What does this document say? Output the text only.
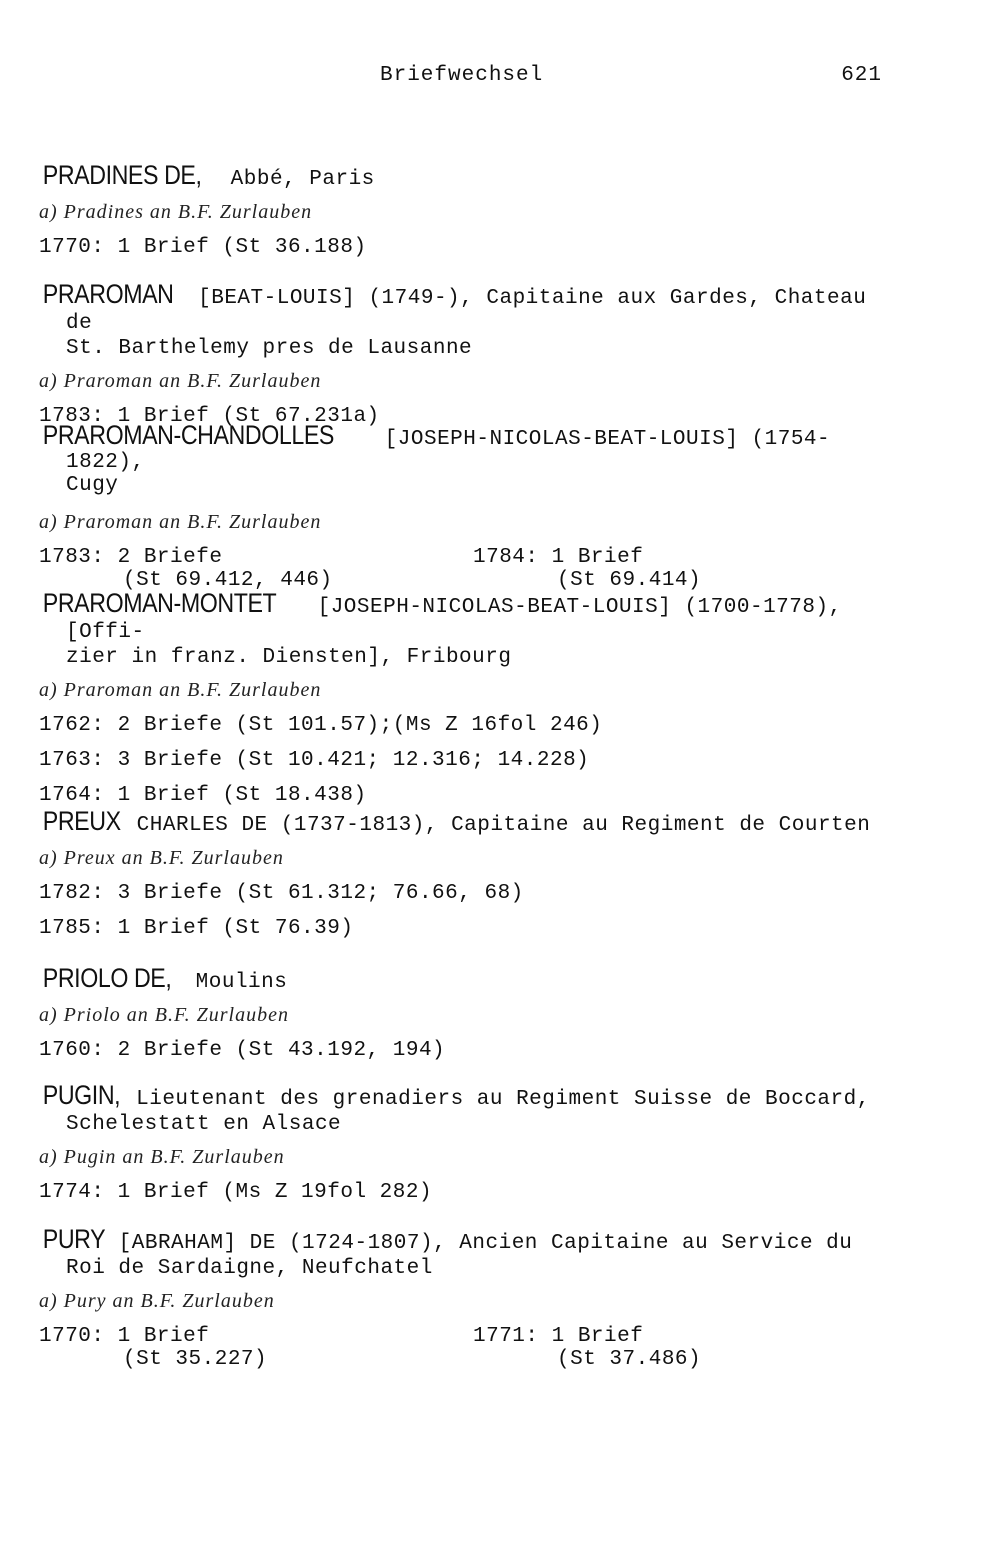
Briefwechsel	621

PRADINES DE, Abbé, Paris

a) Pradines an B.F. Zurlauben
1770: 1 Brief (St 36.188)

PRAROMAN [BEAT-LOUIS] (1749-), Capitaine aux Gardes, Chateau de
St. Barthelemy pres de Lausanne

a) Praroman an B.F. Zurlauben
1783: 1 Brief (St 67.231a)

PRAROMAN-CHANDOLLES [JOSEPH-NICOLAS-BEAT-LOUIS] (1754-1822),
Cugy

a) Praroman an B.F. Zurlauben
1783: 2 Briefe
(St 69.412, 446)
1784: 1 Brief
(St 69.414)

PRAROMAN-MONTET [JOSEPH-NICOLAS-BEAT-LOUIS] (1700-1778), [Offi-
zier in franz. Diensten], Fribourg

a) Praroman an B.F. Zurlauben
1762: 2 Briefe (St 101.57);(Ms Z 16fol 246)
1763: 3 Briefe (St 10.421; 12.316; 14.228)
1764: 1 Brief (St 18.438)

PREUX CHARLES DE (1737-1813), Capitaine au Regiment de Courten

a) Preux an B.F. Zurlauben
1782: 3 Briefe (St 61.312; 76.66, 68)
1785: 1 Brief (St 76.39)

PRIOLO DE, Moulins

a) Priolo an B.F. Zurlauben
1760: 2 Briefe (St 43.192, 194)

PUGIN, Lieutenant des grenadiers au Regiment Suisse de Boccard,
Schelestatt en Alsace

a) Pugin an B.F. Zurlauben
1774: 1 Brief (Ms Z 19fol 282)

PURY [ABRAHAM] DE (1724-1807), Ancien Capitaine au Service du
Roi de Sardaigne, Neufchatel

a) Pury an B.F. Zurlauben
1770: 1 Brief
(St 35.227)
1771: 1 Brief
(St 37.486)
